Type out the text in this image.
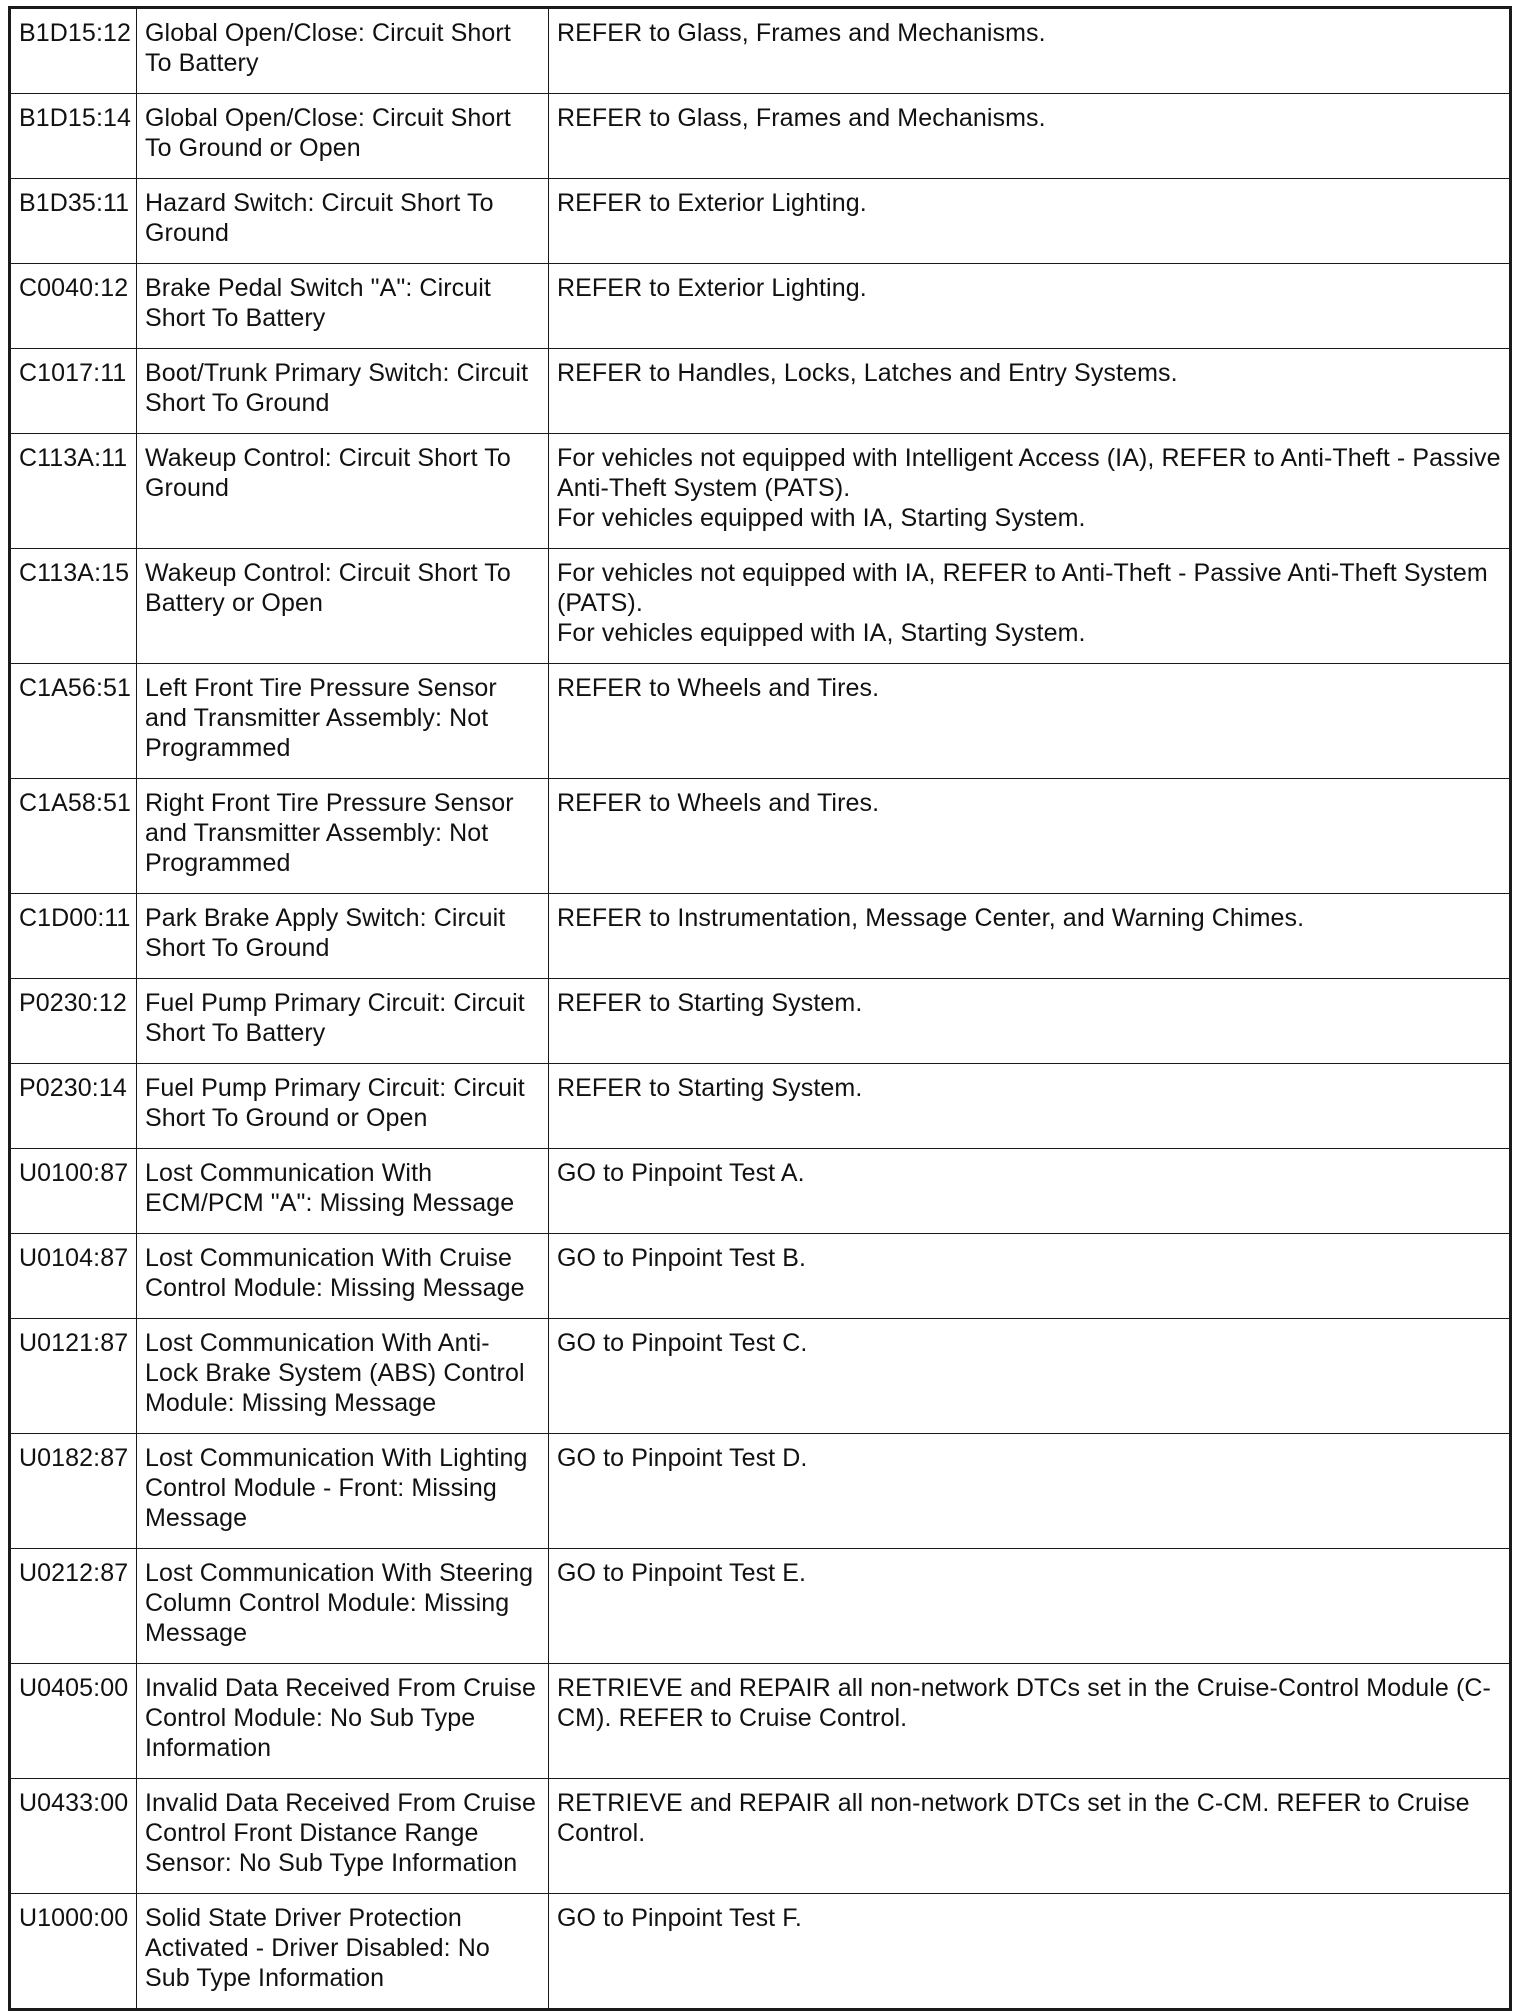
B1D15:12	Global Open/Close: Circuit Short To Battery	REFER to Glass, Frames and Mechanisms.

B1D15:14	Global Open/Close: Circuit Short To Ground or Open	REFER to Glass, Frames and Mechanisms.

B1D35:11	Hazard Switch: Circuit Short To Ground	REFER to Exterior Lighting.

C0040:12	Brake Pedal Switch "A": Circuit Short To Battery	REFER to Exterior Lighting.

C1017:11	Boot/Trunk Primary Switch: Circuit Short To Ground	REFER to Handles, Locks, Latches and Entry Systems.

C113A:11	Wakeup Control: Circuit Short To Ground	For vehicles not equipped with Intelligent Access (IA), REFER to Anti-Theft - Passive Anti-Theft System (PATS).
For vehicles equipped with IA, Starting System.

C113A:15	Wakeup Control: Circuit Short To Battery or Open	For vehicles not equipped with IA, REFER to Anti-Theft - Passive Anti-Theft System (PATS).
For vehicles equipped with IA, Starting System.

C1A56:51	Left Front Tire Pressure Sensor and Transmitter Assembly: Not Programmed	REFER to Wheels and Tires.

C1A58:51	Right Front Tire Pressure Sensor and Transmitter Assembly: Not Programmed	REFER to Wheels and Tires.

C1D00:11	Park Brake Apply Switch: Circuit Short To Ground	REFER to Instrumentation, Message Center, and Warning Chimes.

P0230:12	Fuel Pump Primary Circuit: Circuit Short To Battery	REFER to Starting System.

P0230:14	Fuel Pump Primary Circuit: Circuit Short To Ground or Open	REFER to Starting System.

U0100:87	Lost Communication With ECM/PCM "A": Missing Message	GO to Pinpoint Test A.

U0104:87	Lost Communication With Cruise Control Module: Missing Message	GO to Pinpoint Test B.

U0121:87	Lost Communication With Anti-Lock Brake System (ABS) Control Module: Missing Message	GO to Pinpoint Test C.

U0182:87	Lost Communication With Lighting Control Module - Front: Missing Message	GO to Pinpoint Test D.

U0212:87	Lost Communication With Steering Column Control Module: Missing Message	GO to Pinpoint Test E.

U0405:00	Invalid Data Received From Cruise Control Module: No Sub Type Information	RETRIEVE and REPAIR all non-network DTCs set in the Cruise-Control Module (C-CM). REFER to Cruise Control.

U0433:00	Invalid Data Received From Cruise Control Front Distance Range Sensor: No Sub Type Information	RETRIEVE and REPAIR all non-network DTCs set in the C-CM. REFER to Cruise Control.

U1000:00	Solid State Driver Protection Activated - Driver Disabled: No Sub Type Information	GO to Pinpoint Test F.
